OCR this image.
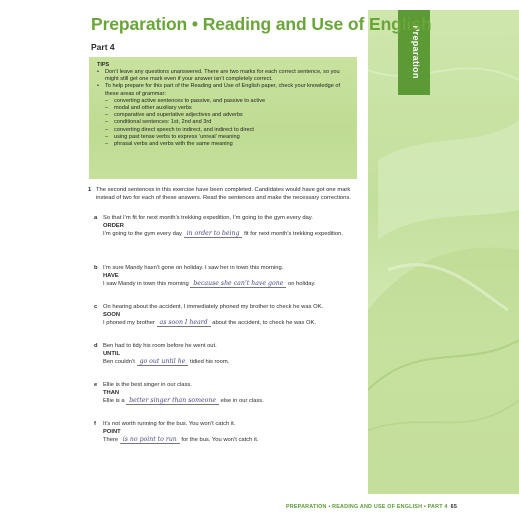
Preparation
Preparation • Reading and Use of English
Part 4
TIPS
• Don’t leave any questions unanswered. There are two marks for each correct sentence, so you might still get one mark even if your answer isn’t completely correct.
• To help prepare for this part of the Reading and Use of English paper, check your knowledge of these areas of grammar:
– converting active sentences to passive, and passive to active
– modal and other auxiliary verbs
– comparative and superlative adjectives and adverbs
– conditional sentences: 1st, 2nd and 3rd
– converting direct speech to indirect, and indirect to direct
– using past tense verbs to express ‘unreal’ meaning
– phrasal verbs and verbs with the same meaning
1 The second sentences in this exercise have been completed. Candidates would have got one mark instead of two for each of these answers. Read the sentences and make the necessary corrections.
a So that I’m fit for next month’s trekking expedition, I’m going to the gym every day.
ORDER
I’m going to the gym every day in order to being fit for next month’s trekking expedition.
b I’m sure Mandy hasn’t gone on holiday. I saw her in town this morning.
HAVE
I saw Mandy in town this morning because she can’t have gone on holiday.
c On hearing about the accident, I immediately phoned my brother to check he was OK.
SOON
I phoned my brother as soon I heard about the accident, to check he was OK.
d Ben had to tidy his room before he went out.
UNTIL
Ben couldn’t go out until he tidied his room.
e Ellie is the best singer in our class.
THAN
Ellie is a better singer than someone else in our class.
f It’s not worth running for the bus. You won’t catch it.
POINT
There is no point to run for the bus. You won’t catch it.
PREPARATION • READING AND USE OF ENGLISH • PART 4 65
